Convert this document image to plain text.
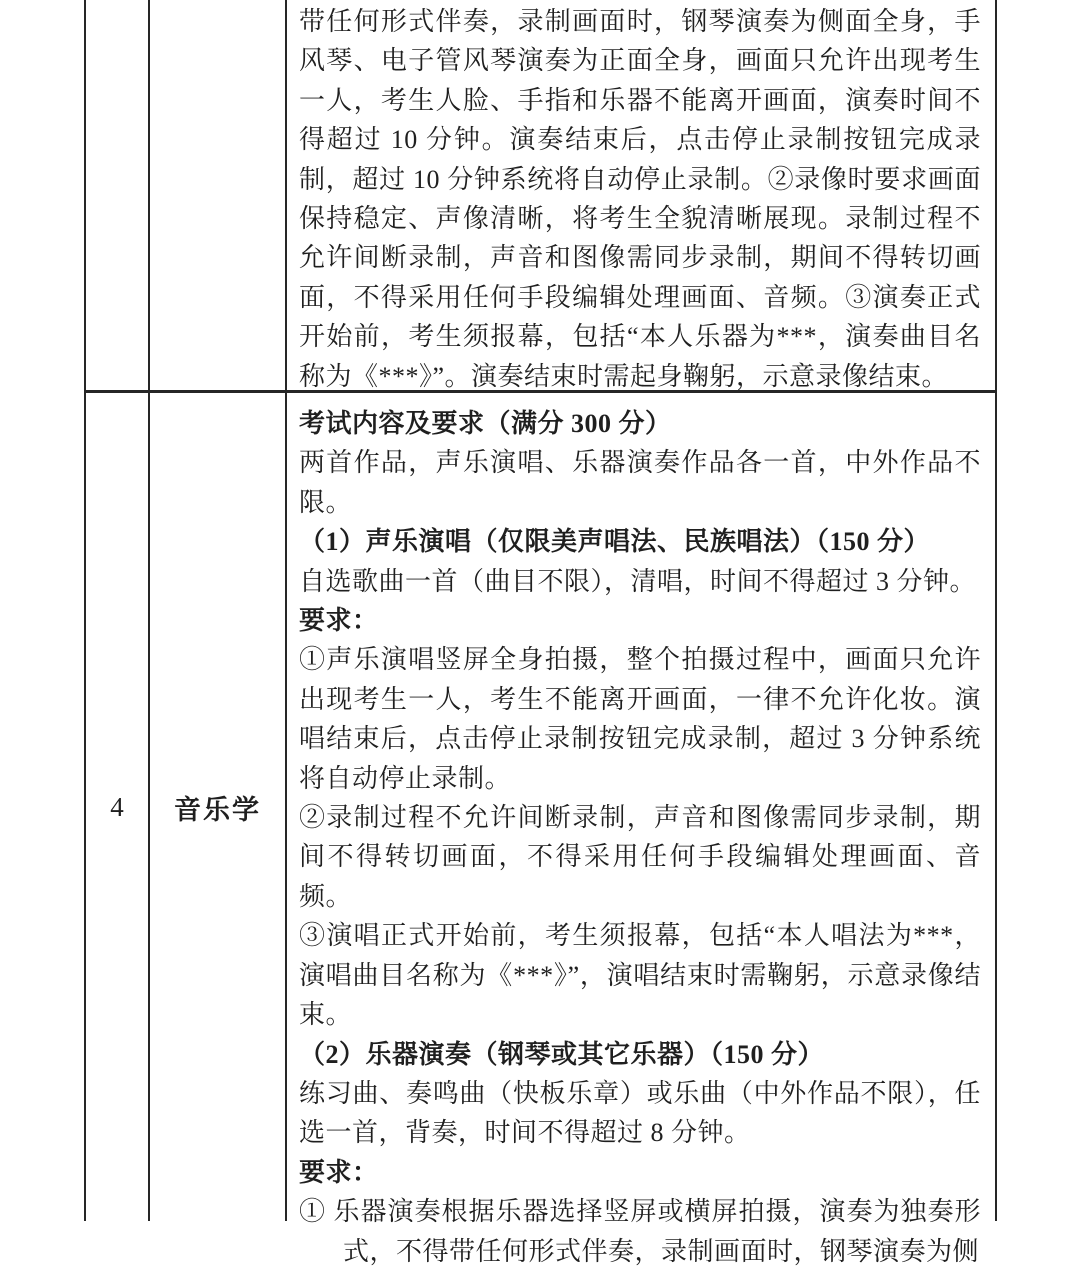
带任何形式伴奏，录制画面时，钢琴演奏为侧面全身，手风琴、电子管风琴演奏为正面全身，画面只允许出现考生一人，考生人脸、手指和乐器不能离开画面，演奏时间不得超过 10 分钟。演奏结束后，点击停止录制按钮完成录制，超过 10 分钟系统将自动停止录制。②录像时要求画面保持稳定、声像清晰，将考生全貌清晰展现。录制过程不允许间断录制，声音和图像需同步录制，期间不得转切画面，不得采用任何手段编辑处理画面、音频。③演奏正式开始前，考生须报幕，包括“本人乐器为***，演奏曲目名称为《***》”。演奏结束时需起身鞠躬，示意录像结束。

4 音乐学

考试内容及要求（满分 300 分）

两首作品，声乐演唱、乐器演奏作品各一首，中外作品不限。

（1）声乐演唱（仅限美声唱法、民族唱法）（150 分）

自选歌曲一首（曲目不限），清唱，时间不得超过 3 分钟。

要求：

①声乐演唱竖屏全身拍摄，整个拍摄过程中，画面只允许出现考生一人，考生不能离开画面，一律不允许化妆。演唱结束后，点击停止录制按钮完成录制，超过 3 分钟系统将自动停止录制。

②录制过程不允许间断录制，声音和图像需同步录制，期间不得转切画面，不得采用任何手段编辑处理画面、音频。

③演唱正式开始前，考生须报幕，包括“本人唱法为***，演唱曲目名称为《***》”，演唱结束时需鞠躬，示意录像结束。

（2）乐器演奏（钢琴或其它乐器）（150 分）

练习曲、奏鸣曲（快板乐章）或乐曲（中外作品不限），任选一首，背奏，时间不得超过 8 分钟。

要求：

① 乐器演奏根据乐器选择竖屏或横屏拍摄，演奏为独奏形式，不得带任何形式伴奏，录制画面时，钢琴演奏为侧
